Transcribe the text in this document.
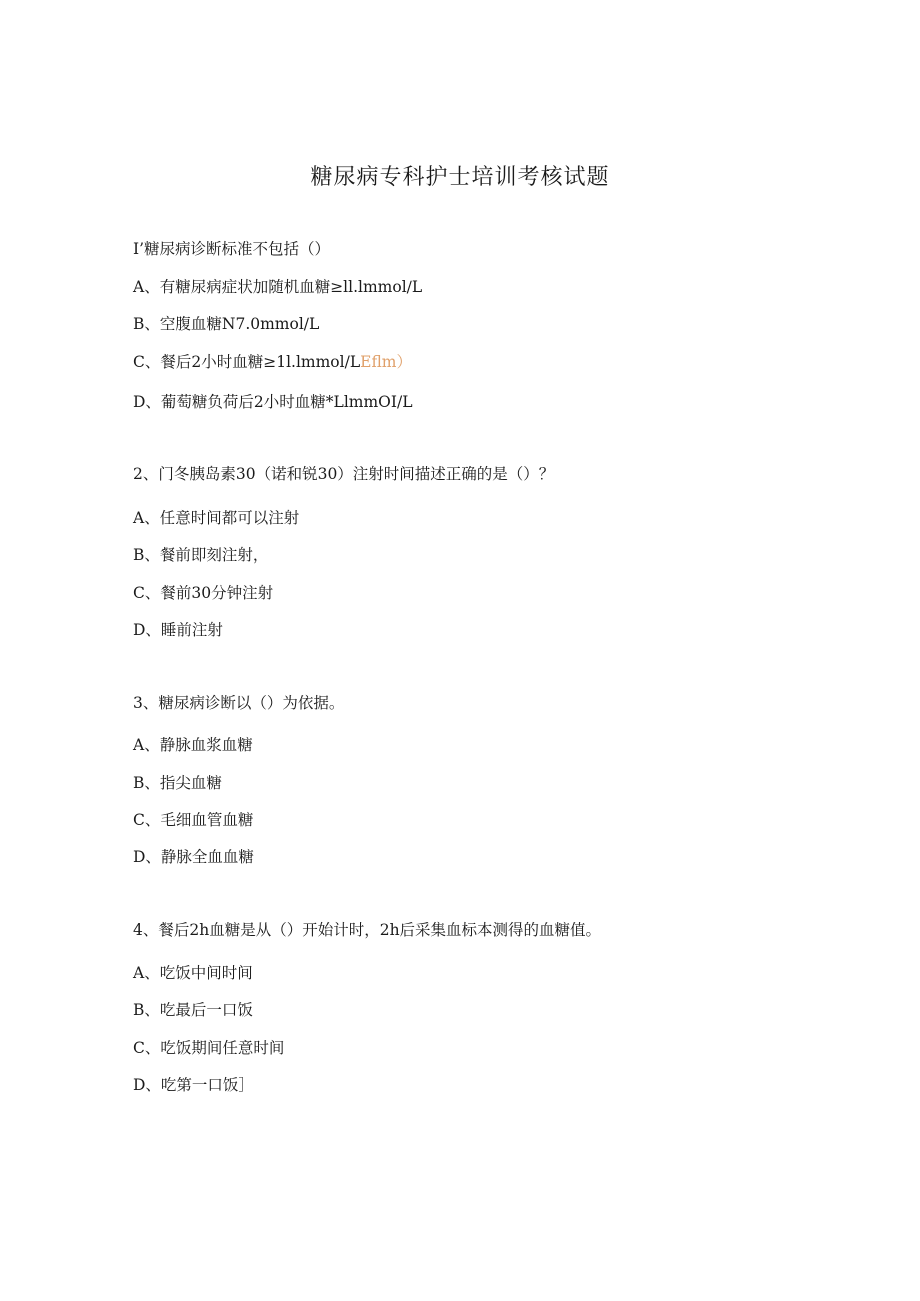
糖尿病专科护士培训考核试题
I’糖尿病诊断标准不包括（）
A、有糖尿病症状加随机血糖≥ll.lmmol∕L
B、空腹血糖N7.0mmol∕L
C、餐后2小时血糖≥1l.lmmol/LEflm）
D、葡萄糖负荷后2小时血糖*LlmmOI/L
2、门冬胰岛素30（诺和锐30）注射时间描述正确的是（）？
A、任意时间都可以注射
B、餐前即刻注射，
C、餐前30分钟注射
D、睡前注射
3、糖尿病诊断以（）为依据。
A、静脉血浆血糖
B、指尖血糖
C、毛细血管血糖
D、静脉全血血糖
4、餐后2h血糖是从（）开始计时，2h后采集血标本测得的血糖值。
A、吃饭中间时间
B、吃最后一口饭
C、吃饭期间任意时间
D、吃第一口饭］
